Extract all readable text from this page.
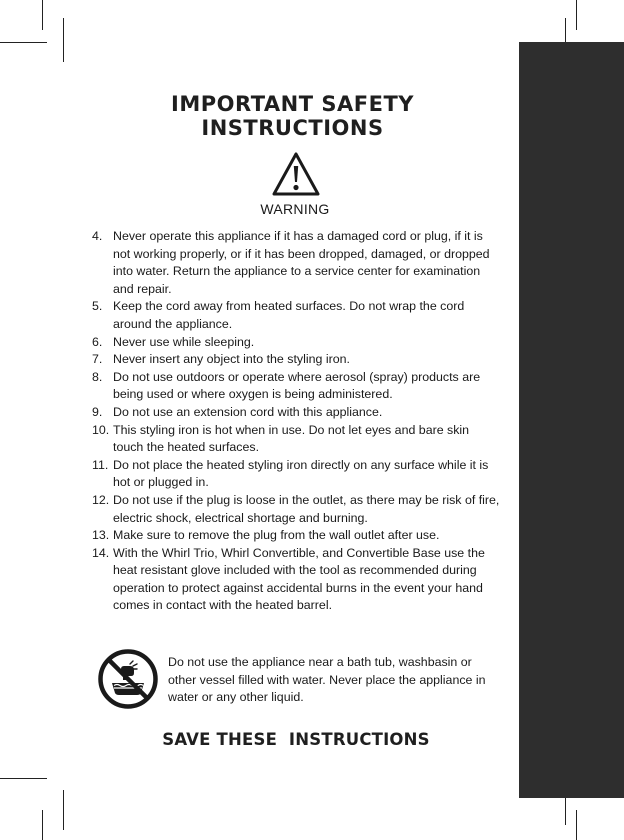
IMPORTANT SAFETY
INSTRUCTIONS
WARNING
4. Never operate this appliance if it has a damaged cord or plug, if it is not working properly, or if it has been dropped, damaged, or dropped into water. Return the appliance to a service center for examination and repair.
5. Keep the cord away from heated surfaces. Do not wrap the cord around the appliance.
6. Never use while sleeping.
7. Never insert any object into the styling iron.
8. Do not use outdoors or operate where aerosol (spray) products are being used or where oxygen is being administered.
9. Do not use an extension cord with this appliance.
10. This styling iron is hot when in use. Do not let eyes and bare skin touch the heated surfaces.
11. Do not place the heated styling iron directly on any surface while it is hot or plugged in.
12. Do not use if the plug is loose in the outlet, as there may be risk of fire, electric shock, electrical shortage and burning.
13. Make sure to remove the plug from the wall outlet after use.
14. With the Whirl Trio, Whirl Convertible, and Convertible Base use the heat resistant glove included with the tool as recommended during operation to protect against accidental burns in the event your hand comes in contact with the heated barrel.
Do not use the appliance near a bath tub, washbasin or other vessel filled with water. Never place the appliance in water or any other liquid.
SAVE THESE  INSTRUCTIONS
